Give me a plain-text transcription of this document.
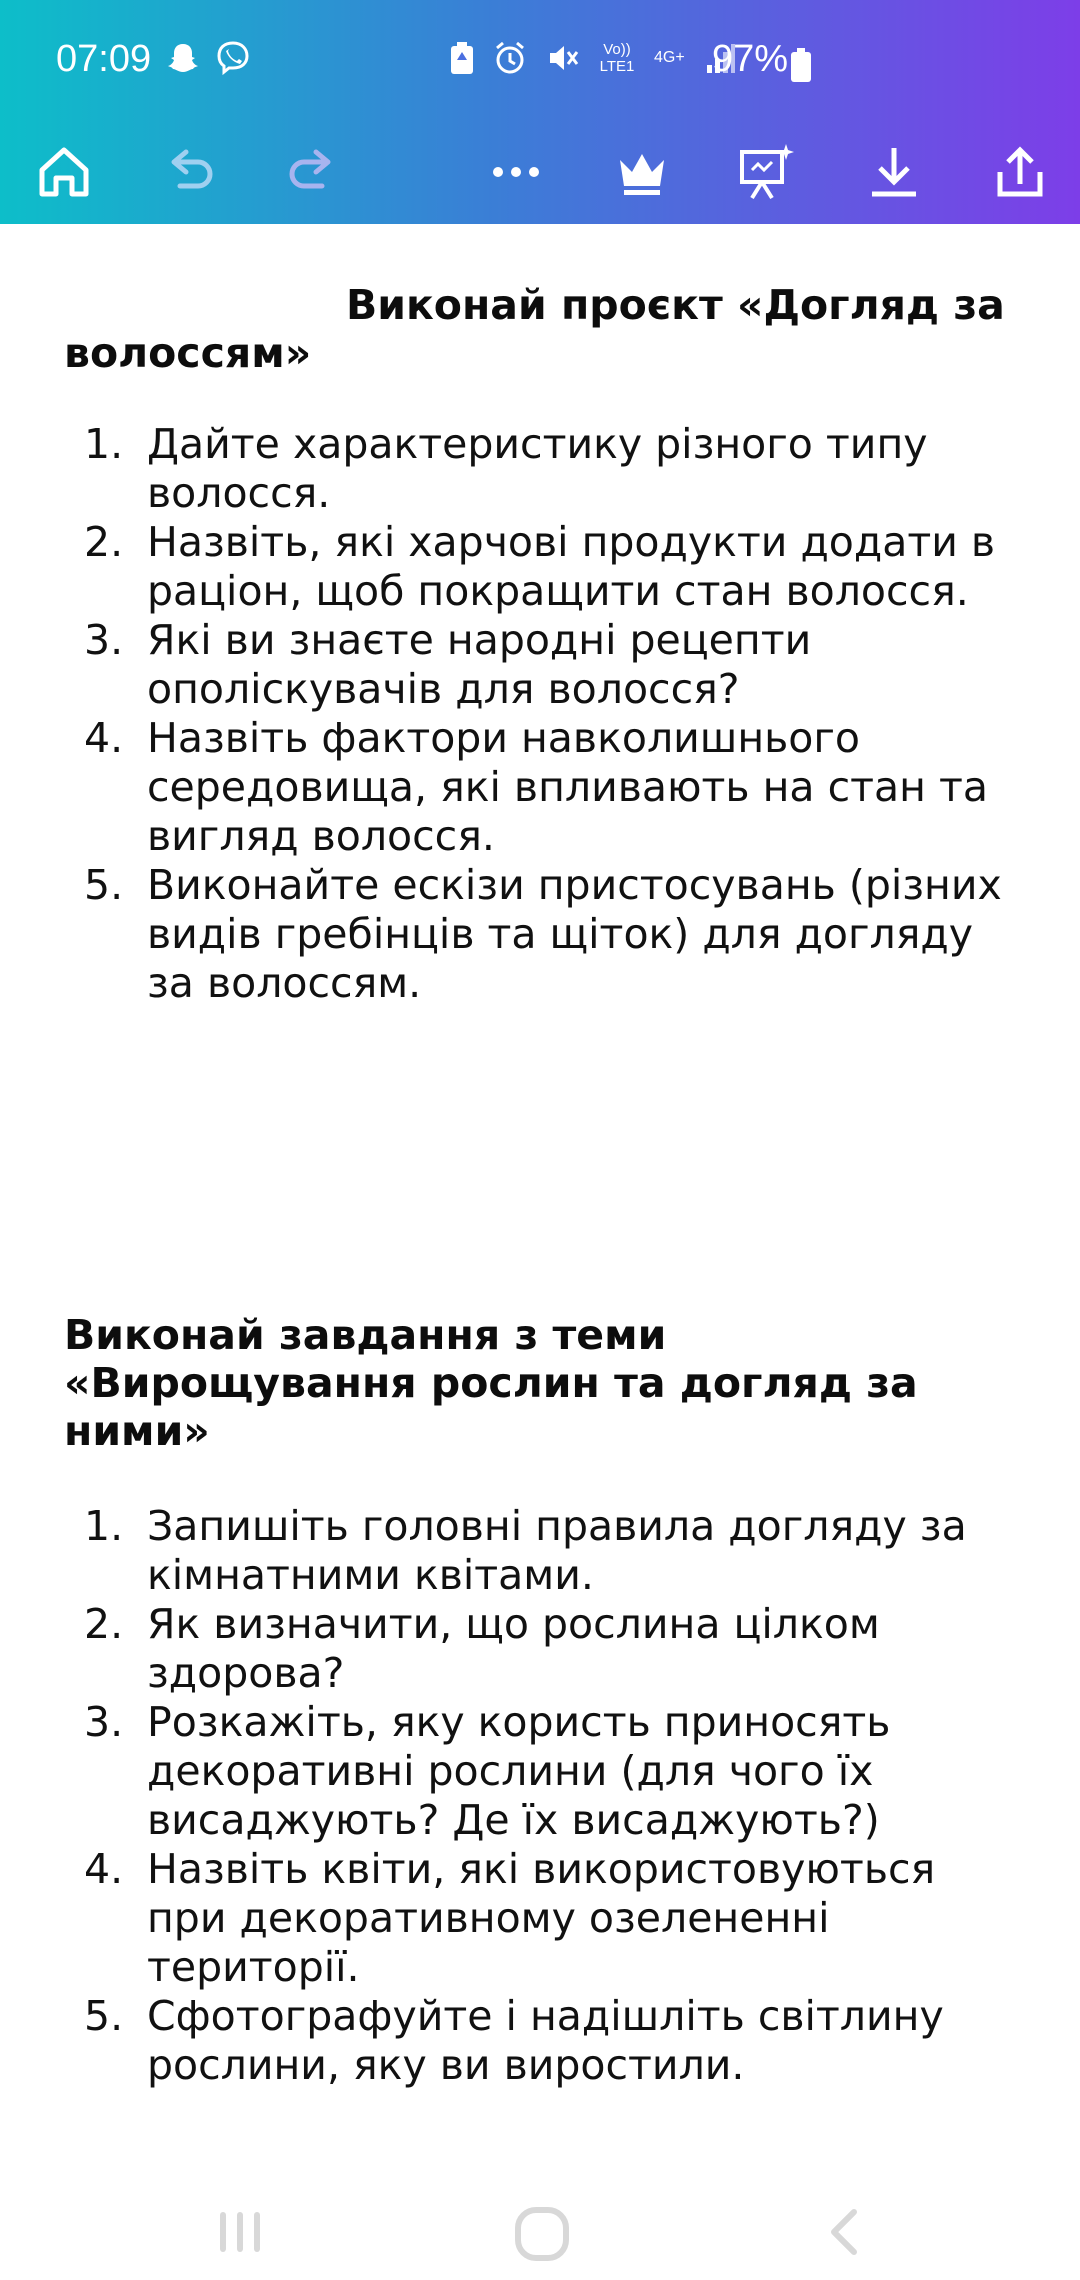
07:09	Vo)) LTE1
4G+ 97%
Виконай проєкт «Догляд за
волоссям»
1. Дайте характеристику різного типу
волосся.
2. Назвіть, які харчові продукти додати в
раціон, щоб покращити стан волосся.
3. Які ви знаєте народні рецепти
ополіскувачів для волосся?
4. Назвіть фактори навколишнього
середовища, які впливають на стан та
вигляд волосся.
5. Виконайте ескізи пристосувань (різних
видів гребінців та щіток) для догляду
за волоссям.
Виконай завдання з теми
«Вирощування рослин та догляд за
ними»
1. Запишіть головні правила догляду за
кімнатними квітами.
2. Як визначити, що рослина цілком
здорова?
3. Розкажіть, яку користь приносять
декоративні рослини (для чого їх
висаджують? Де їх висаджують?)
4. Назвіть квіти, які використовуються
при декоративному озелененні
території.
5. Сфотографуйте і надішліть світлину
рослини, яку ви виростили.
